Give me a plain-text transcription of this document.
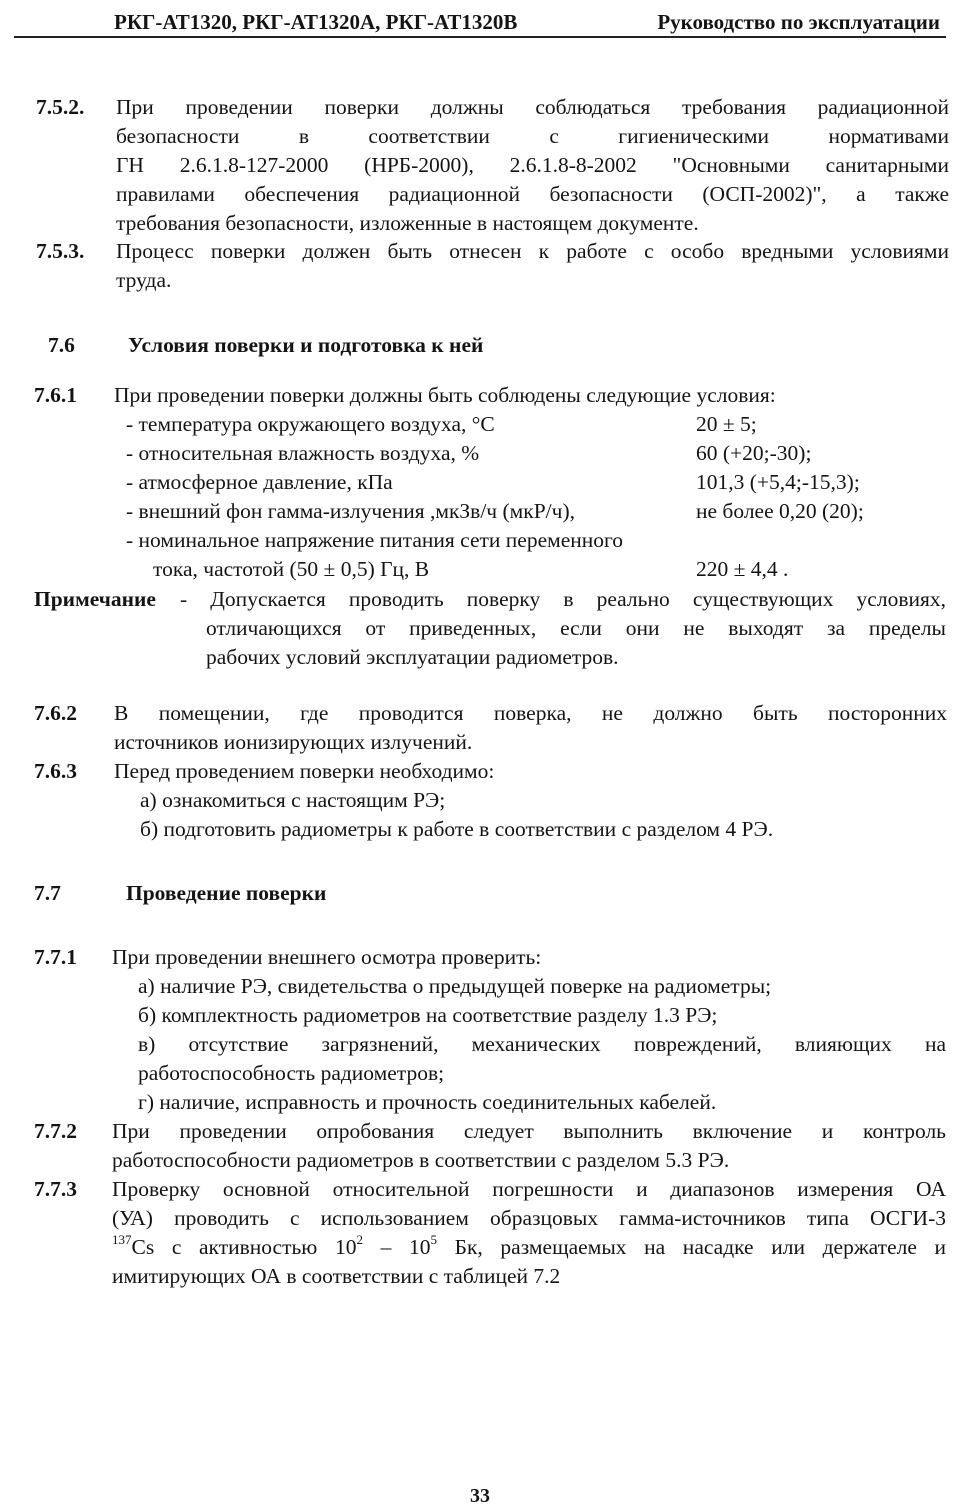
РКГ-АТ1320, РКГ-АТ1320А, РКГ-АТ1320В	Руководство по эксплуатации
7.5.2. При проведении поверки должны соблюдаться требования радиационной
безопасности в соответствии с гигиеническими нормативами
ГН 2.6.1.8-127-2000 (НРБ-2000), 2.6.1.8-8-2002 "Основными санитарными
правилами обеспечения радиационной безопасности (ОСП-2002)", а также
требования безопасности, изложенные в настоящем документе.
7.5.3. Процесс поверки должен быть отнесен к работе с особо вредными условиями
труда.
7.6 Условия поверки и подготовка к ней
7.6.1 При проведении поверки должны быть соблюдены следующие условия:
- температура окружающего воздуха, °С	20 ± 5;
- относительная влажность воздуха, %	60 (+20;-30);
- атмосферное давление, кПа	101,3 (+5,4;-15,3);
- внешний фон гамма-излучения ,мкЗв/ч (мкР/ч),	не более 0,20 (20);
- номинальное напряжение питания сети переменного
тока, частотой (50 ± 0,5) Гц, В	220 ± 4,4 .
Примечание - Допускается проводить поверку в реально существующих условиях,
отличающихся от приведенных, если они не выходят за пределы
рабочих условий эксплуатации радиометров.
7.6.2 В помещении, где проводится поверка, не должно быть посторонних
источников ионизирующих излучений.
7.6.3 Перед проведением поверки необходимо:
а) ознакомиться с настоящим РЭ;
б) подготовить радиометры к работе в соответствии с разделом 4 РЭ.
7.7	Проведение поверки
7.7.1 При проведении внешнего осмотра проверить:
а) наличие РЭ, свидетельства о предыдущей поверке на радиометры;
б) комплектность радиометров на соответствие разделу 1.3 РЭ;
в) отсутствие загрязнений, механических повреждений, влияющих на
работоспособность радиометров;
г) наличие, исправность и прочность соединительных кабелей.
7.7.2 При проведении опробования следует выполнить включение и контроль
работоспособности радиометров в соответствии с разделом 5.3 РЭ.
7.7.3 Проверку основной относительной погрешности и диапазонов измерения ОА
(УА) проводить с использованием образцовых гамма-источников типа ОСГИ-3
$^{137}$Cs с активностью $10^2 - 10^5$ Бк, размещаемых на насадке или держателе и
имитирующих ОА в соответствии с таблицей 7.2
33
